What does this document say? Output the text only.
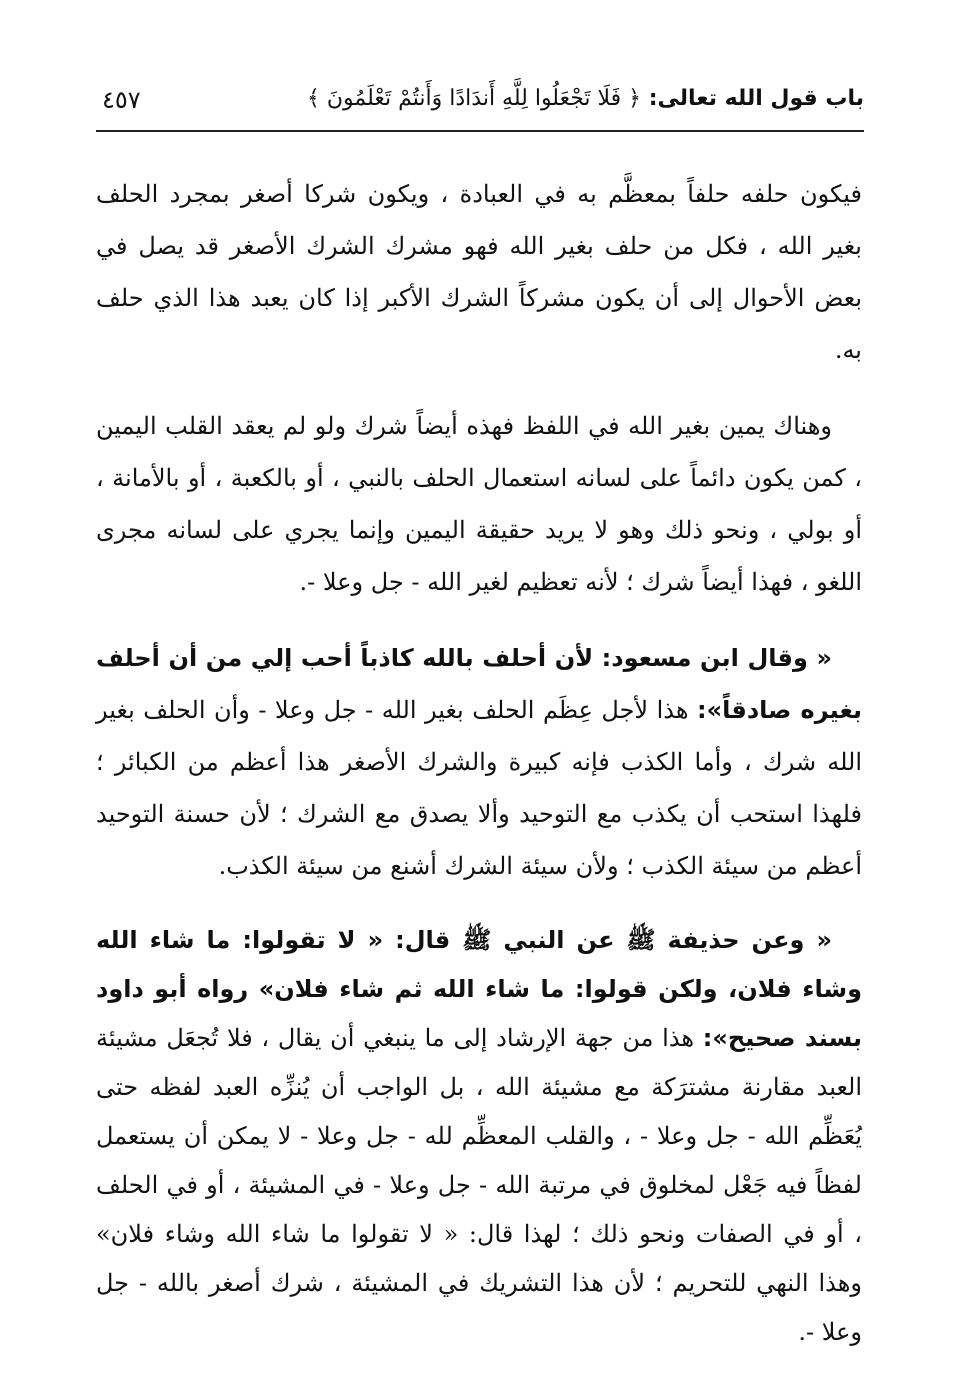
باب قول الله تعالى: ﴿ فَلَا تَجْعَلُوا لِلَّهِ أَندَادًا وَأَنتُمْ تَعْلَمُونَ ﴾
٤٥٧

فيكون حلفه حلفاً بمعظَّم به في العبادة ، ويكون شركا أصغر بمجرد الحلف بغير الله ، فكل من حلف بغير الله فهو مشرك الشرك الأصغر قد يصل في بعض الأحوال إلى أن يكون مشركاً الشرك الأكبر إذا كان يعبد هذا الذي حلف به.

وهناك يمين بغير الله في اللفظ فهذه أيضاً شرك ولو لم يعقد القلب اليمين ، كمن يكون دائماً على لسانه استعمال الحلف بالنبي ، أو بالكعبة ، أو بالأمانة ، أو بولي ، ونحو ذلك وهو لا يريد حقيقة اليمين وإنما يجري على لسانه مجرى اللغو ، فهذا أيضاً شرك ؛ لأنه تعظيم لغير الله - جل وعلا -.

« وقال ابن مسعود: لأن أحلف بالله كاذباً أحب إلي من أن أحلف بغيره صادقاً»: هذا لأجل عِظَم الحلف بغير الله - جل وعلا - وأن الحلف بغير الله شرك ، وأما الكذب فإنه كبيرة والشرك الأصغر هذا أعظم من الكبائر ؛ فلهذا استحب أن يكذب مع التوحيد وألا يصدق مع الشرك ؛ لأن حسنة التوحيد أعظم من سيئة الكذب ؛ ولأن سيئة الشرك أشنع من سيئة الكذب.

« وعن حذيفة ﷺ عن النبي ﷺ قال: « لا تقولوا: ما شاء الله وشاء فلان، ولكن قولوا: ما شاء الله ثم شاء فلان» رواه أبو داود بسند صحيح»: هذا من جهة الإرشاد إلى ما ينبغي أن يقال ، فلا تُجعَل مشيئة العبد مقارنة مشترَكة مع مشيئة الله ، بل الواجب أن يُنزِّه العبد لفظه حتى يُعَظِّم الله - جل وعلا - ، والقلب المعظِّم لله - جل وعلا - لا يمكن أن يستعمل لفظاً فيه جَعْل لمخلوق في مرتبة الله - جل وعلا - في المشيئة ، أو في الحلف ، أو في الصفات ونحو ذلك ؛ لهذا قال: « لا تقولوا ما شاء الله وشاء فلان» وهذا النهي للتحريم ؛ لأن هذا التشريك في المشيئة ، شرك أصغر بالله - جل وعلا -.
